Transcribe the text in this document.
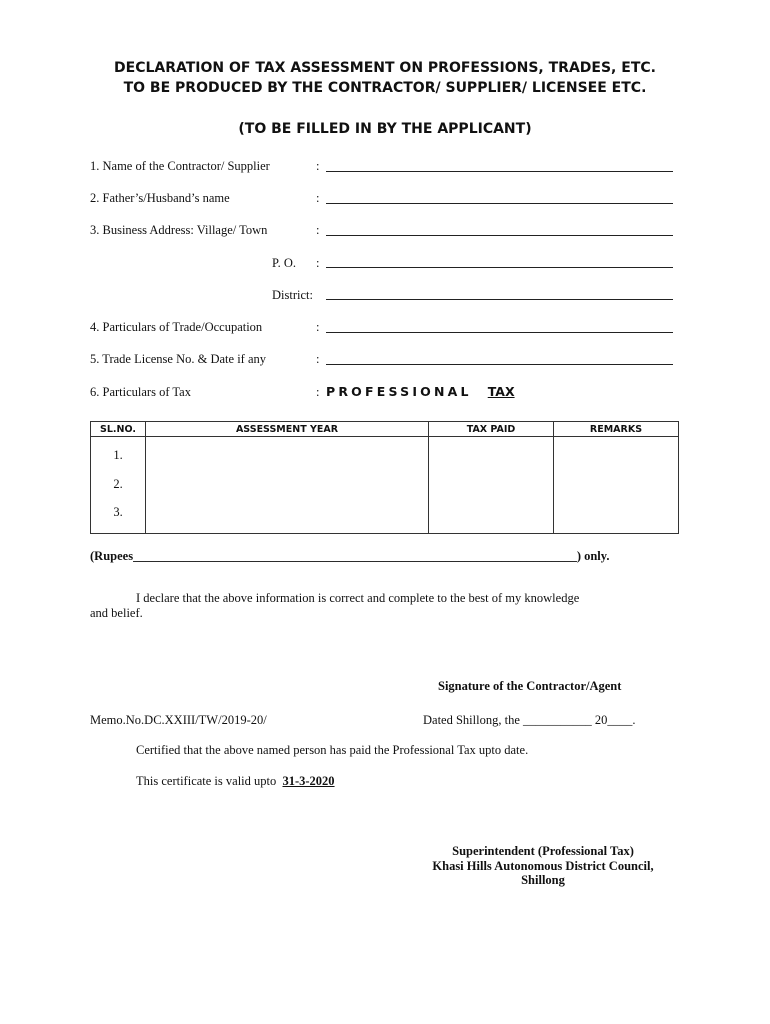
DECLARATION OF TAX ASSESSMENT ON PROFESSIONS, TRADES, ETC.
TO BE PRODUCED BY THE CONTRACTOR/ SUPPLIER/ LICENSEE ETC.
(TO BE FILLED IN BY THE APPLICANT)
1. Name of the Contractor/ Supplier	:
2. Father’s/Husband’s name	:
3. Business Address: Village/ Town	:
P. O. :
District:
4. Particulars of Trade/Occupation	:
5. Trade License No. & Date if any	:
6. Particulars of Tax	: PROFESSIONAL TAX
SL.NO.	ASSESSMENT YEAR	TAX PAID	REMARKS

1.
2.
3.			

(Rupees_______________________________________________________________________) only.
I declare that the above information is correct and complete to the best of my knowledge
and belief.
Signature of the Contractor/Agent
Memo.No.DC.XXIII/TW/2019-20/	Dated Shillong, the ___________ 20____.
Certified that the above named person has paid the Professional Tax upto date.
This certificate is valid upto 31-3-2020
Superintendent (Professional Tax)
Khasi Hills Autonomous District Council,
Shillong
